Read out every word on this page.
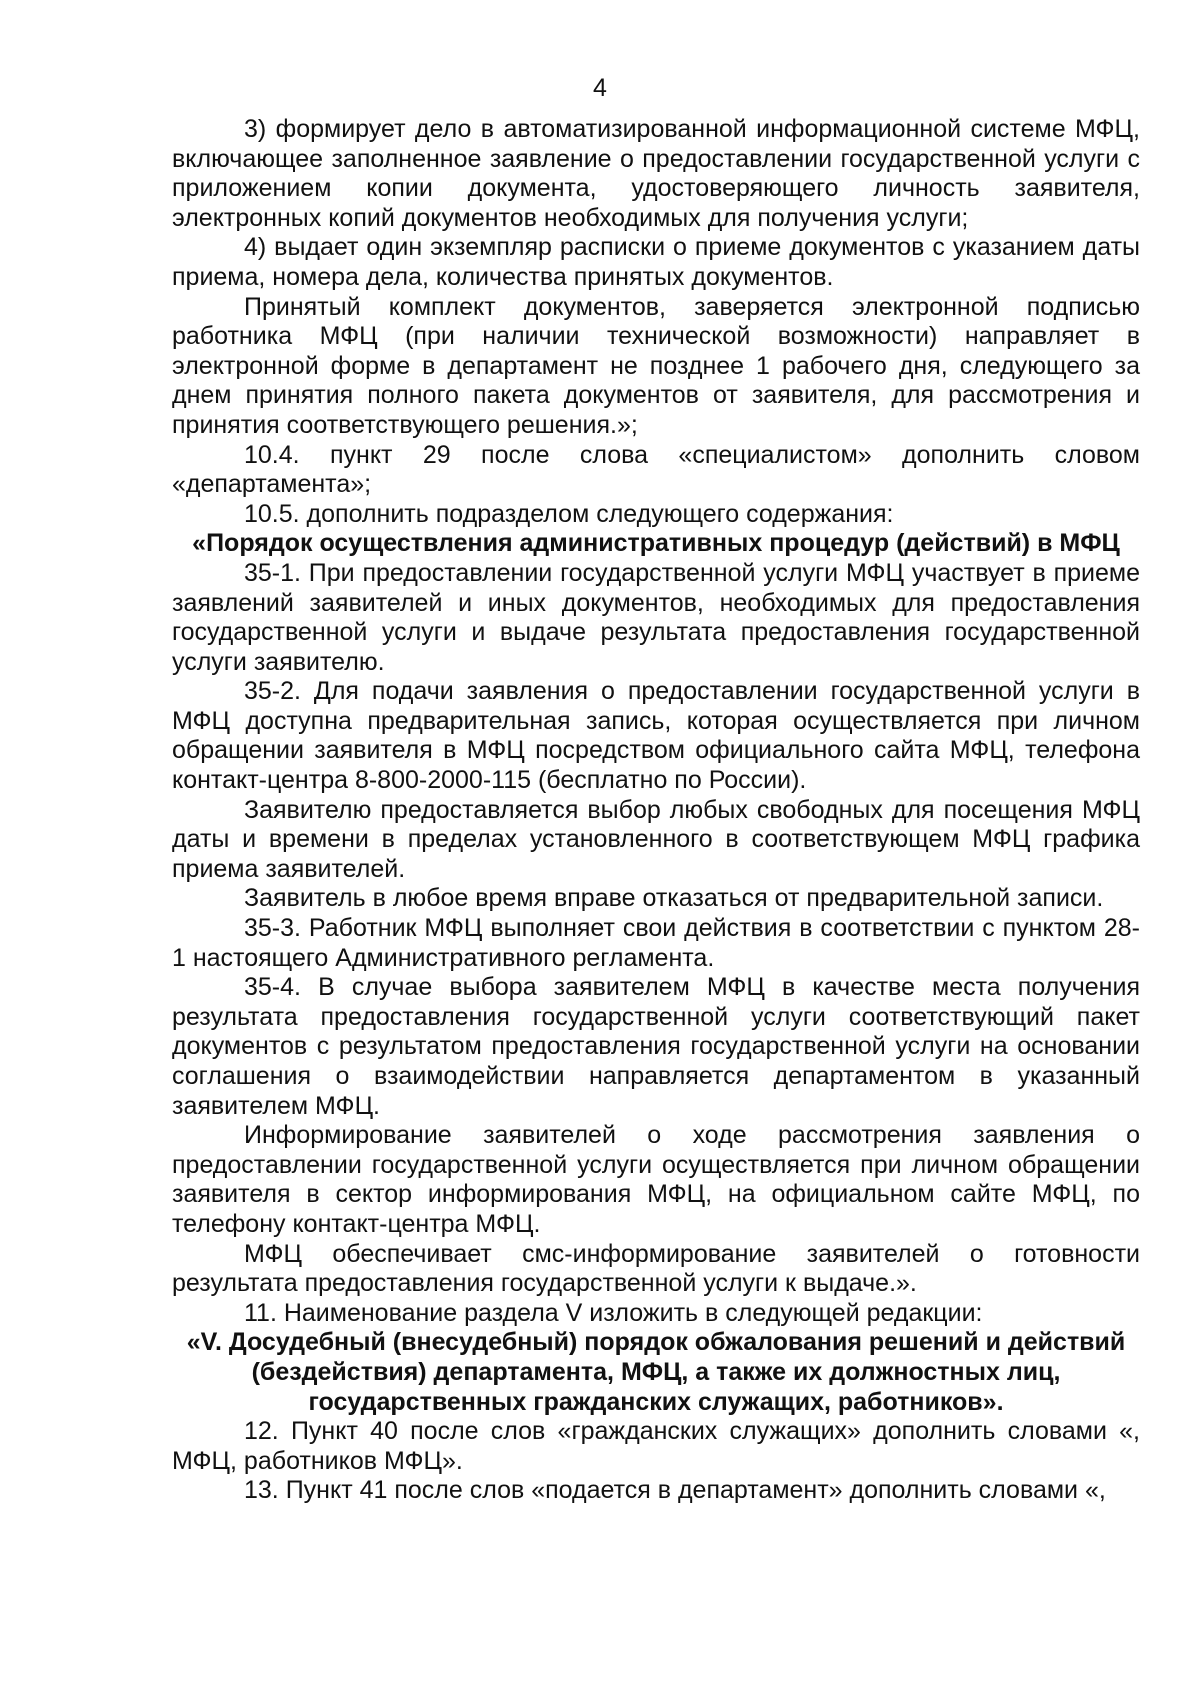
4

3) формирует дело в автоматизированной информационной системе МФЦ, включающее заполненное заявление о предоставлении государственной услуги с приложением копии документа, удостоверяющего личность заявителя, электронных копий документов необходимых для получения услуги;

4) выдает один экземпляр расписки о приеме документов с указанием даты приема, номера дела, количества принятых документов.

Принятый комплект документов, заверяется электронной подписью работника МФЦ (при наличии технической возможности) направляет в электронной форме в департамент не позднее 1 рабочего дня, следующего за днем принятия полного пакета документов от заявителя, для рассмотрения и принятия соответствующего решения.»;

10.4. пункт 29 после слова «специалистом» дополнить словом «департамента»;

10.5. дополнить подразделом следующего содержания:

«Порядок осуществления административных процедур (действий) в МФЦ

35-1. При предоставлении государственной услуги МФЦ участвует в приеме заявлений заявителей и иных документов, необходимых для предоставления государственной услуги и выдаче результата предоставления государственной услуги заявителю.

35-2. Для подачи заявления о предоставлении государственной услуги в МФЦ доступна предварительная запись, которая осуществляется при личном обращении заявителя в МФЦ посредством официального сайта МФЦ, телефона контакт-центра 8-800-2000-115 (бесплатно по России).

Заявителю предоставляется выбор любых свободных для посещения МФЦ даты и времени в пределах установленного в соответствующем МФЦ графика приема заявителей.

Заявитель в любое время вправе отказаться от предварительной записи.

35-3. Работник МФЦ выполняет свои действия в соответствии с пунктом 28-1 настоящего Административного регламента.

35-4. В случае выбора заявителем МФЦ в качестве места получения результата предоставления государственной услуги соответствующий пакет документов с результатом предоставления государственной услуги на основании соглашения о взаимодействии направляется департаментом в указанный заявителем МФЦ.

Информирование заявителей о ходе рассмотрения заявления о предоставлении государственной услуги осуществляется при личном обращении заявителя в сектор информирования МФЦ, на официальном сайте МФЦ, по телефону контакт-центра МФЦ.

МФЦ обеспечивает смс-информирование заявителей о готовности результата предоставления государственной услуги к выдаче.».

11. Наименование раздела V изложить в следующей редакции:

«V. Досудебный (внесудебный) порядок обжалования решений и действий (бездействия) департамента, МФЦ, а также их должностных лиц, государственных гражданских служащих, работников».

12. Пункт 40 после слов «гражданских служащих» дополнить словами «, МФЦ, работников МФЦ».

13. Пункт 41 после слов «подается в департамент» дополнить словами «,
